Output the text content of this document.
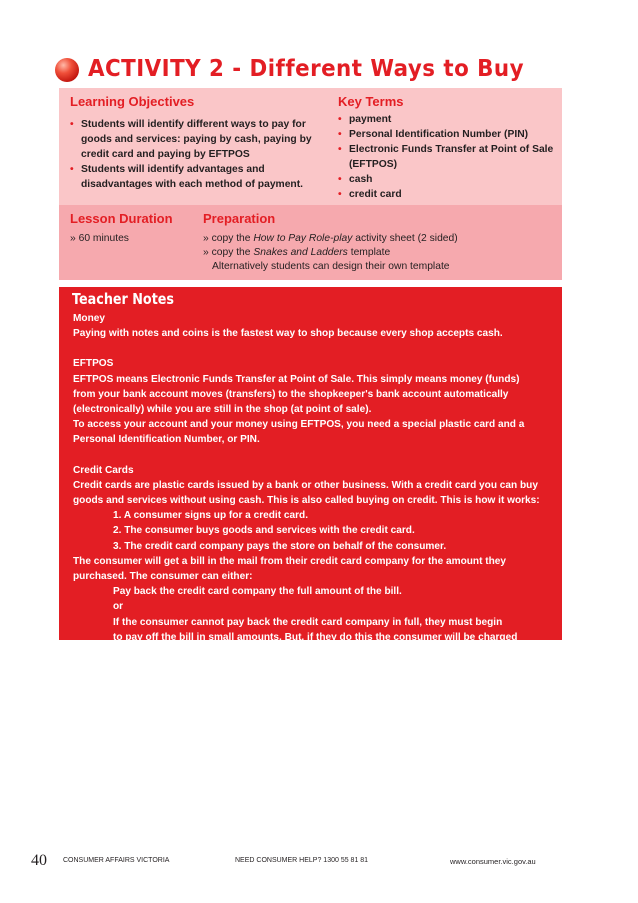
ACTIVITY 2 - Different Ways to Buy
Learning Objectives
• Students will identify different ways to pay for goods and services: paying by cash, paying by credit card and paying by EFTPOS
• Students will identify advantages and disadvantages with each method of payment.
Key Terms
• payment
• Personal Identification Number (PIN)
• Electronic Funds Transfer at Point of Sale (EFTPOS)
• cash
• credit card
Lesson Duration
» 60 minutes
Preparation
» copy the How to Pay Role-play activity sheet (2 sided)
» copy the Snakes and Ladders template
Alternatively students can design their own template
Teacher Notes
Money
Paying with notes and coins is the fastest way to shop because every shop accepts cash.
EFTPOS
EFTPOS means Electronic Funds Transfer at Point of Sale. This simply means money (funds)
from your bank account moves (transfers) to the shopkeeper's bank account automatically
(electronically) while you are still in the shop (at point of sale).
To access your account and your money using EFTPOS, you need a special plastic card and a
Personal Identification Number, or PIN.
Credit Cards
Credit cards are plastic cards issued by a bank or other business. With a credit card you can buy
goods and services without using cash. This is also called buying on credit. This is how it works:
1. A consumer signs up for a credit card.
2. The consumer buys goods and services with the credit card.
3. The credit card company pays the store on behalf of the consumer.
The consumer will get a bill in the mail from their credit card company for the amount they
purchased. The consumer can either:
Pay back the credit card company the full amount of the bill.
or
If the consumer cannot pay back the credit card company in full, they must begin
to pay off the bill in small amounts. But, if they do this the consumer will be charged
an extra amount called interest. This is how the credit card company makes money.
40 CONSUMER AFFAIRS VICTORIA	NEED CONSUMER HELP? 1300 55 81 81	www.consumer.vic.gov.au
